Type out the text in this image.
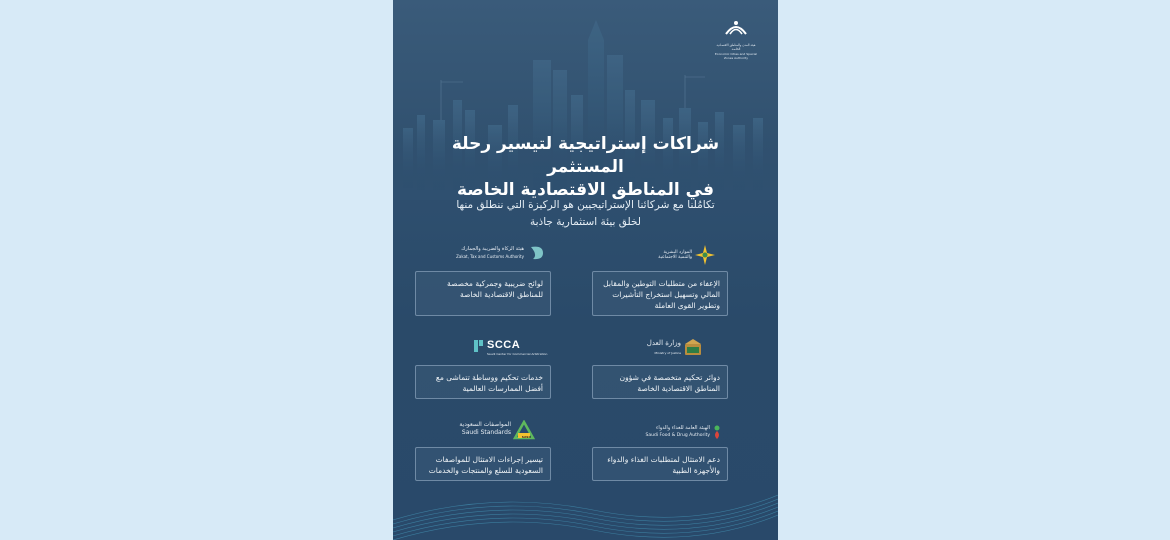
هيئة المدن والمناطق الاقتصادية الخاصة
Economic Cities and Special Zones Authority
شراكات إستراتيجية لتيسير رحلة المستثمر
في المناطق الاقتصادية الخاصة
تكامُلنا مع شركائنا الإستراتيجيين هو الركيزة التي ننطلق منها
لخلق بيئة استثمارية جاذبة
هيئة الزكاة والضريبة والجمارك
Zakat, Tax and Customs Authority
الموارد البشرية والتنمية الاجتماعية
SCCA
Saudi Center for Commercial Arbitration
وزارة العدل
Ministry of Justice
المواصفات السعودية
Saudi Standards
SASO
الهيئة العامة للغذاء والدواء
Saudi Food & Drug Authority
لوائح ضريبية وجمركية مخصصة
للمناطق الاقتصادية الخاصة
الإعفاء من متطلبات التوطين والمقابل
المالي وتسهيل استخراج التأشيرات
وتطوير القوى العاملة
خدمات تحكيم ووساطة تتماشى مع
أفضل الممارسات العالمية
دوائر تحكيم متخصصة في شؤون
المناطق الاقتصادية الخاصة
تيسير إجراءات الامتثال للمواصفات
السعودية للسلع والمنتجات والخدمات
دعم الامتثال لمتطلبات الغذاء والدواء
والأجهزة الطبية
